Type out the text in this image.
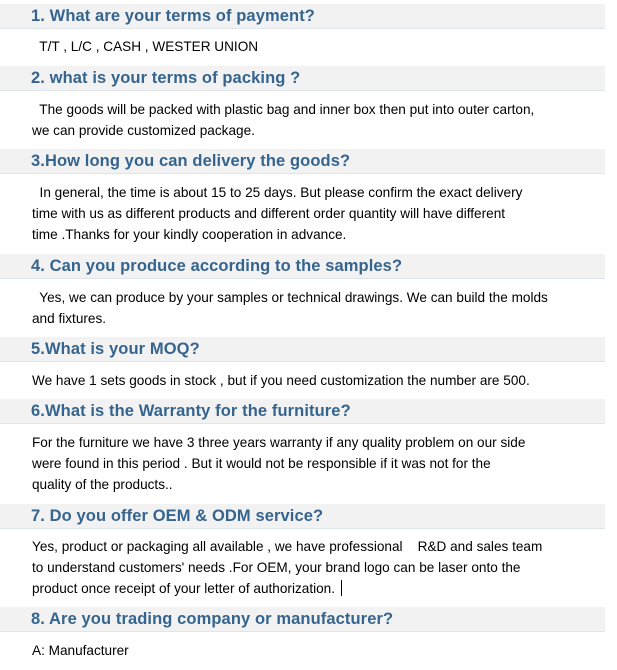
1. What are your terms of payment?
T/T , L/C , CASH , WESTER UNION
2. what is your terms of packing ?
The goods will be packed with plastic bag and inner box then put into outer carton,
we can provide customized package.
3.How long you can delivery the goods?
In general, the time is about 15 to 25 days. But please confirm the exact delivery
time with us as different products and different order quantity will have different
time .Thanks for your kindly cooperation in advance.
4. Can you produce according to the samples?
Yes, we can produce by your samples or technical drawings. We can build the molds
and fixtures.
5.What is your MOQ?
We have 1 sets goods in stock , but if you need customization the number are 500.
6.What is the Warranty for the furniture?
For the furniture we have 3 three years warranty if any quality problem on our side
were found in this period . But it would not be responsible if it was not for the
quality of the products..
7. Do you offer OEM & ODM service?
Yes, product or packaging all available , we have professional    R&D and sales team
to understand customers' needs .For OEM, your brand logo can be laser onto the
product once receipt of your letter of authorization.
8. Are you trading company or manufacturer?
A: Manufacturer
